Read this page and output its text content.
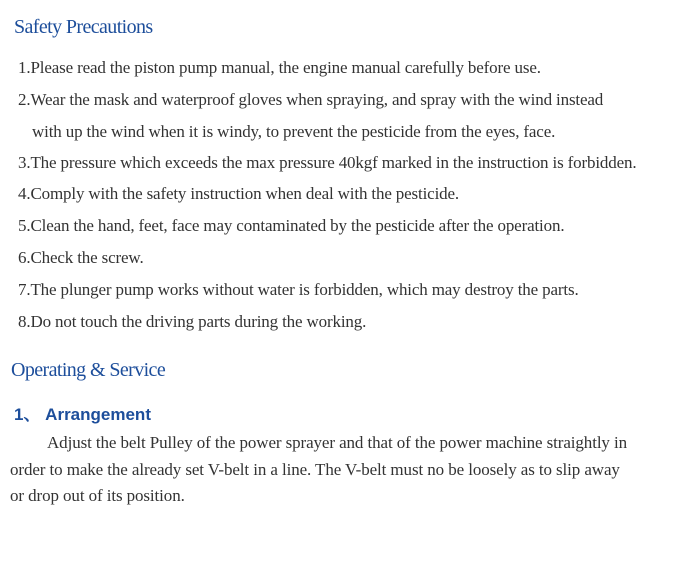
Safety Precautions
1.Please read the piston pump manual, the engine manual carefully before use.
2.Wear the mask and waterproof gloves when spraying, and spray with the wind instead
with up the wind when it is windy, to prevent the pesticide from the eyes, face.
3.The pressure which exceeds the max pressure 40kgf marked in the instruction is forbidden.
4.Comply with the safety instruction when deal with the pesticide.
5.Clean the hand, feet, face may contaminated by the pesticide after the operation.
6.Check the screw.
7.The plunger pump works without water is forbidden, which may destroy the parts.
8.Do not touch the driving parts during the working.
Operating & Service
1、 Arrangement
Adjust the belt Pulley of the power sprayer and that of the power machine straightly in
order to make the already set V-belt in a line. The V-belt must no be loosely as to slip away
or drop out of its position.
